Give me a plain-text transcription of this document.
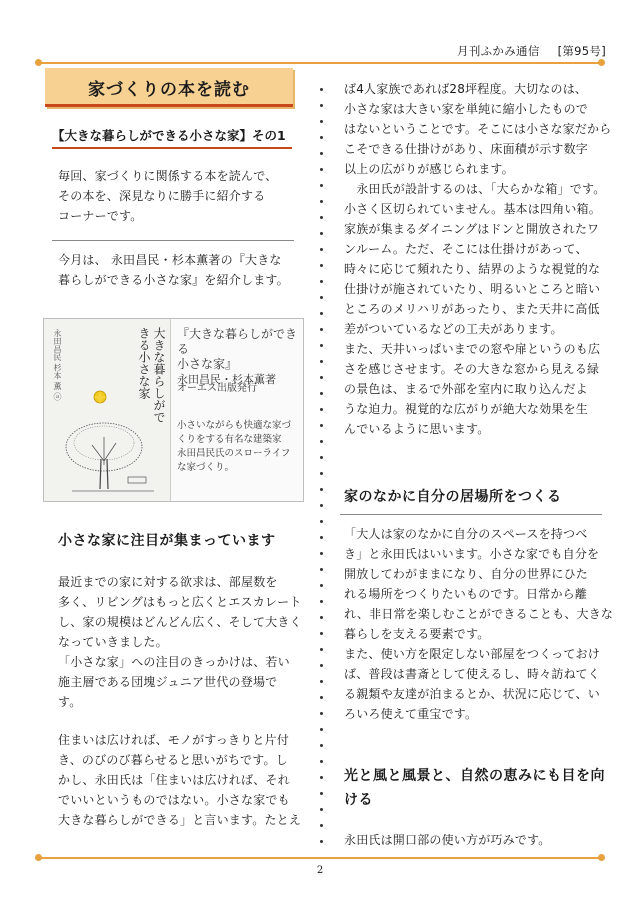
月刊ふかみ通信 [第95号]
家づくりの本を読む
【大きな暮らしができる小さな家】その1
毎回、家づくりに関係する本を読んで、
その本を、深見なりに勝手に紹介する
コーナーです。
今月は、 永田昌民・杉本薫著の『大きな
暮らしができる小さな家』を紹介します。
永田昌民 杉本 薫 ⓐ	大きな暮らしができる小さな家	『大きな暮らしができる
小さな家』
永田昌民・杉本薫著
オーエス出版発行
小さいながらも快適な家づ
くりをする有名な建築家
永田昌民氏のスローライフ
な家づくり。
小さな家に注目が集まっています
最近までの家に対する欲求は、部屋数を
多く、リビングはもっと広くとエスカレート
し、家の規模はどんどん広く、そして大きく
なっていきました。
「小さな家」への注目のきっかけは、若い
施主層である団塊ジュニア世代の登場で
す。
住まいは広ければ、モノがすっきりと片付
き、のびのび暮らせると思いがちです。し
かし、永田氏は「住まいは広ければ、それ
でいいというものではない。小さな家でも
大きな暮らしができる」と言います。たとえ
ば4人家族であれば28坪程度。大切なのは、
小さな家は大きい家を単純に縮小したもので
はないということです。そこには小さな家だから
こそできる仕掛けがあり、床面積が示す数字
以上の広がりが感じられます。
　永田氏が設計するのは、「大らかな箱」です。
小さく区切られていません。基本は四角い箱。
家族が集まるダイニングはドンと開放されたワ
ンルーム。ただ、そこには仕掛けがあって、
時々に応じて頻れたり、結界のような視覚的な
仕掛けが施されていたり、明るいところと暗い
ところのメリハリがあったり、また天井に高低
差がついているなどの工夫があります。
また、天井いっぱいまでの窓や扉というのも広
さを感じさせます。その大きな窓から見える緑
の景色は、まるで外部を室内に取り込んだよ
うな迫力。視覚的な広がりが絶大な効果を生
んでいるように思います。
家のなかに自分の居場所をつくる
「大人は家のなかに自分のスペースを持つべ
き」と永田氏はいいます。小さな家でも自分を
開放してわがままになり、自分の世界にひた
れる場所をつくりたいものです。日常から離
れ、非日常を楽しむことができることも、大きな
暮らしを支える要素です。
また、使い方を限定しない部屋をつくっておけ
ば、普段は書斎として使えるし、時々訪ねてく
る親類や友達が泊まるとか、状況に応じて、い
ろいろ使えて重宝です。
光と風と風景と、自然の恵みにも目を向
ける
永田氏は開口部の使い方が巧みです。
2
